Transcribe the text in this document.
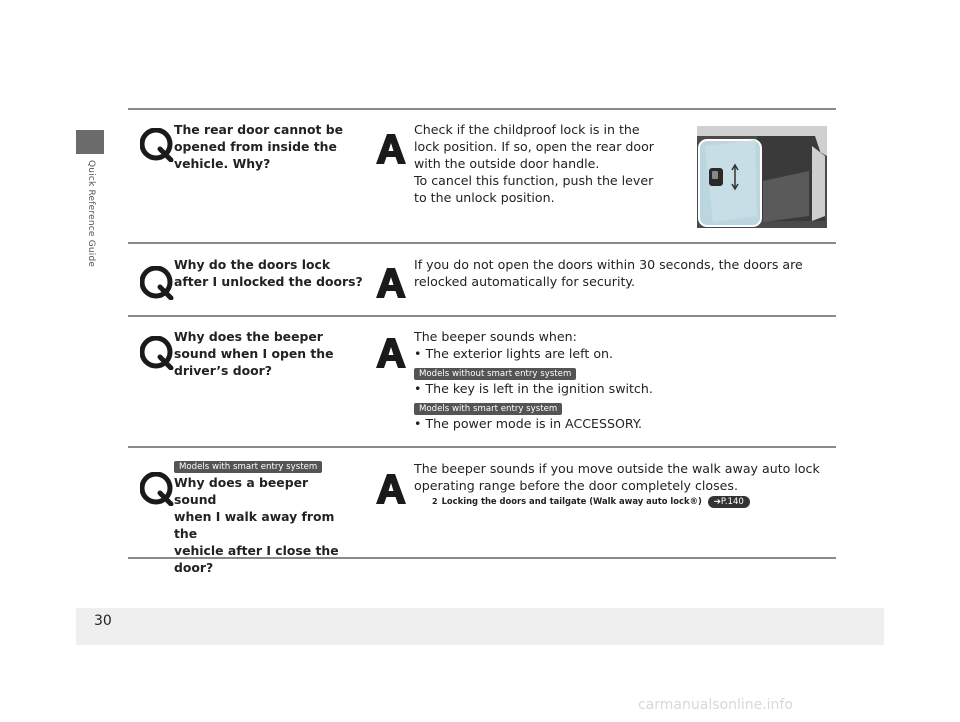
Quick Reference Guide
30
The rear door cannot be
opened from inside the
vehicle. Why?
Check if the childproof lock is in the
lock position. If so, open the rear door
with the outside door handle.
To cancel this function, push the lever
to the unlock position.
Why do the doors lock
after I unlocked the doors?
If you do not open the doors within 30 seconds, the doors are
relocked automatically for security.
Why does the beeper
sound when I open the
driver’s door?
The beeper sounds when:
• The exterior lights are left on.
Models without smart entry system
• The key is left in the ignition switch.
Models with smart entry system
• The power mode is in ACCESSORY.
Models with smart entry system
Why does a beeper sound
when I walk away from the
vehicle after I close the
door?
The beeper sounds if you move outside the walk away auto lock
operating range before the door completely closes.
2 Locking the doors and tailgate (Walk away auto lock®) ➔P.140
carmanualsonline.info
